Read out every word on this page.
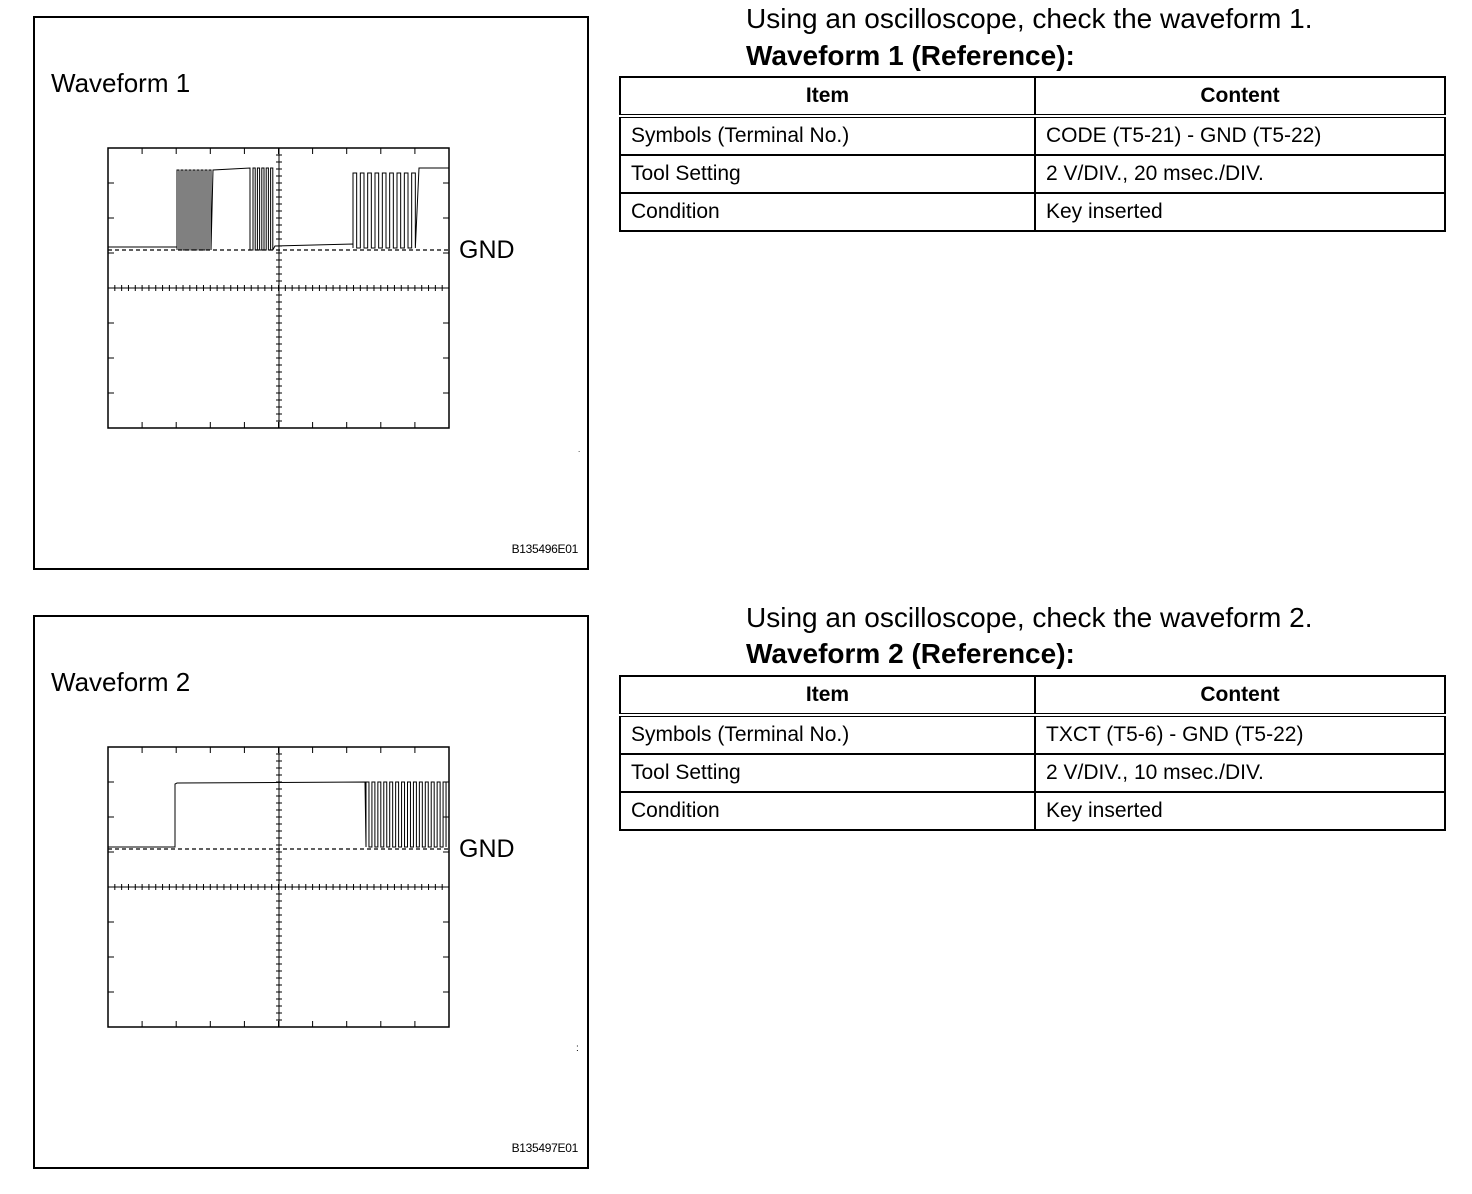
GND
.
Waveform 1
B135496E01
GND
:
Waveform 2
B135497E01
Using an oscilloscope, check the waveform 1.
Waveform 1 (Reference):
Item	Content
Symbols (Terminal No.)	CODE (T5-21) - GND (T5-22)
Tool Setting	2 V/DIV., 20 msec./DIV.
Condition	Key inserted
Using an oscilloscope, check the waveform 2.
Waveform 2 (Reference):
Item	Content
Symbols (Terminal No.)	TXCT (T5-6) - GND (T5-22)
Tool Setting	2 V/DIV., 10 msec./DIV.
Condition	Key inserted
